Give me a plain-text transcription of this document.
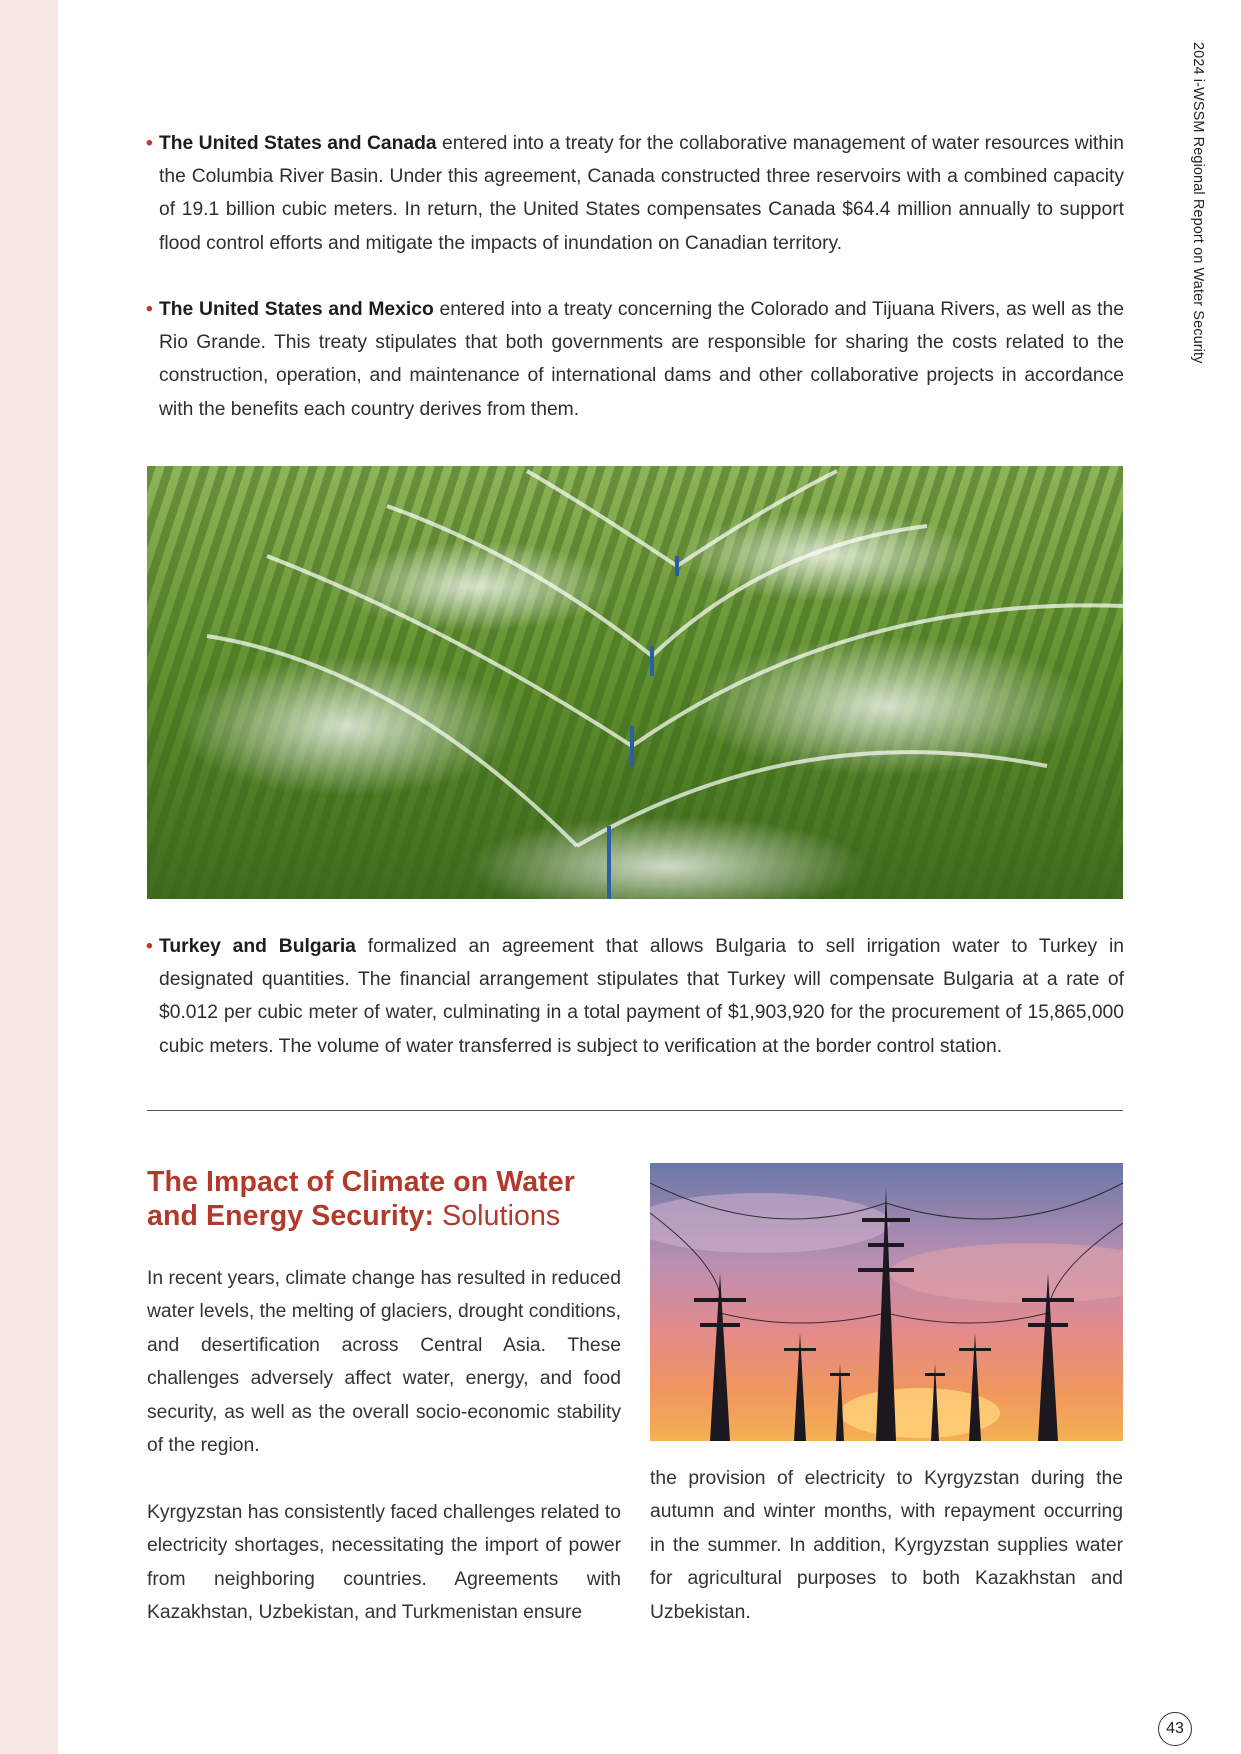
2024 i-WSSM Regional Report on Water Security
• The United States and Canada entered into a treaty for the collaborative management of water resources within the Columbia River Basin. Under this agreement, Canada constructed three reservoirs with a combined capacity of 19.1 billion cubic meters. In return, the United States compensates Canada $64.4 million annually to support flood control efforts and mitigate the impacts of inundation on Canadian territory.
• The United States and Mexico entered into a treaty concerning the Colorado and Tijuana Rivers, as well as the Rio Grande. This treaty stipulates that both governments are responsible for sharing the costs related to the construction, operation, and maintenance of international dams and other collaborative projects in accordance with the benefits each country derives from them.
• Turkey and Bulgaria formalized an agreement that allows Bulgaria to sell irrigation water to Turkey in designated quantities. The financial arrangement stipulates that Turkey will compensate Bulgaria at a rate of $0.012 per cubic meter of water, culminating in a total payment of $1,903,920 for the procurement of 15,865,000 cubic meters. The volume of water transferred is subject to verification at the border control station.
The Impact of Climate on Water and Energy Security: Solutions

In recent years, climate change has resulted in reduced water levels, the melting of glaciers, drought conditions, and desertification across Central Asia. These challenges adversely affect water, energy, and food security, as well as the overall socio-economic stability of the region.

Kyrgyzstan has consistently faced challenges related to electricity shortages, necessitating the import of power from neighboring countries. Agreements with Kazakhstan, Uzbekistan, and Turkmenistan ensure

the provision of electricity to Kyrgyzstan during the autumn and winter months, with repayment occurring in the summer. In addition, Kyrgyzstan supplies water for agricultural purposes to both Kazakhstan and Uzbekistan.

43
